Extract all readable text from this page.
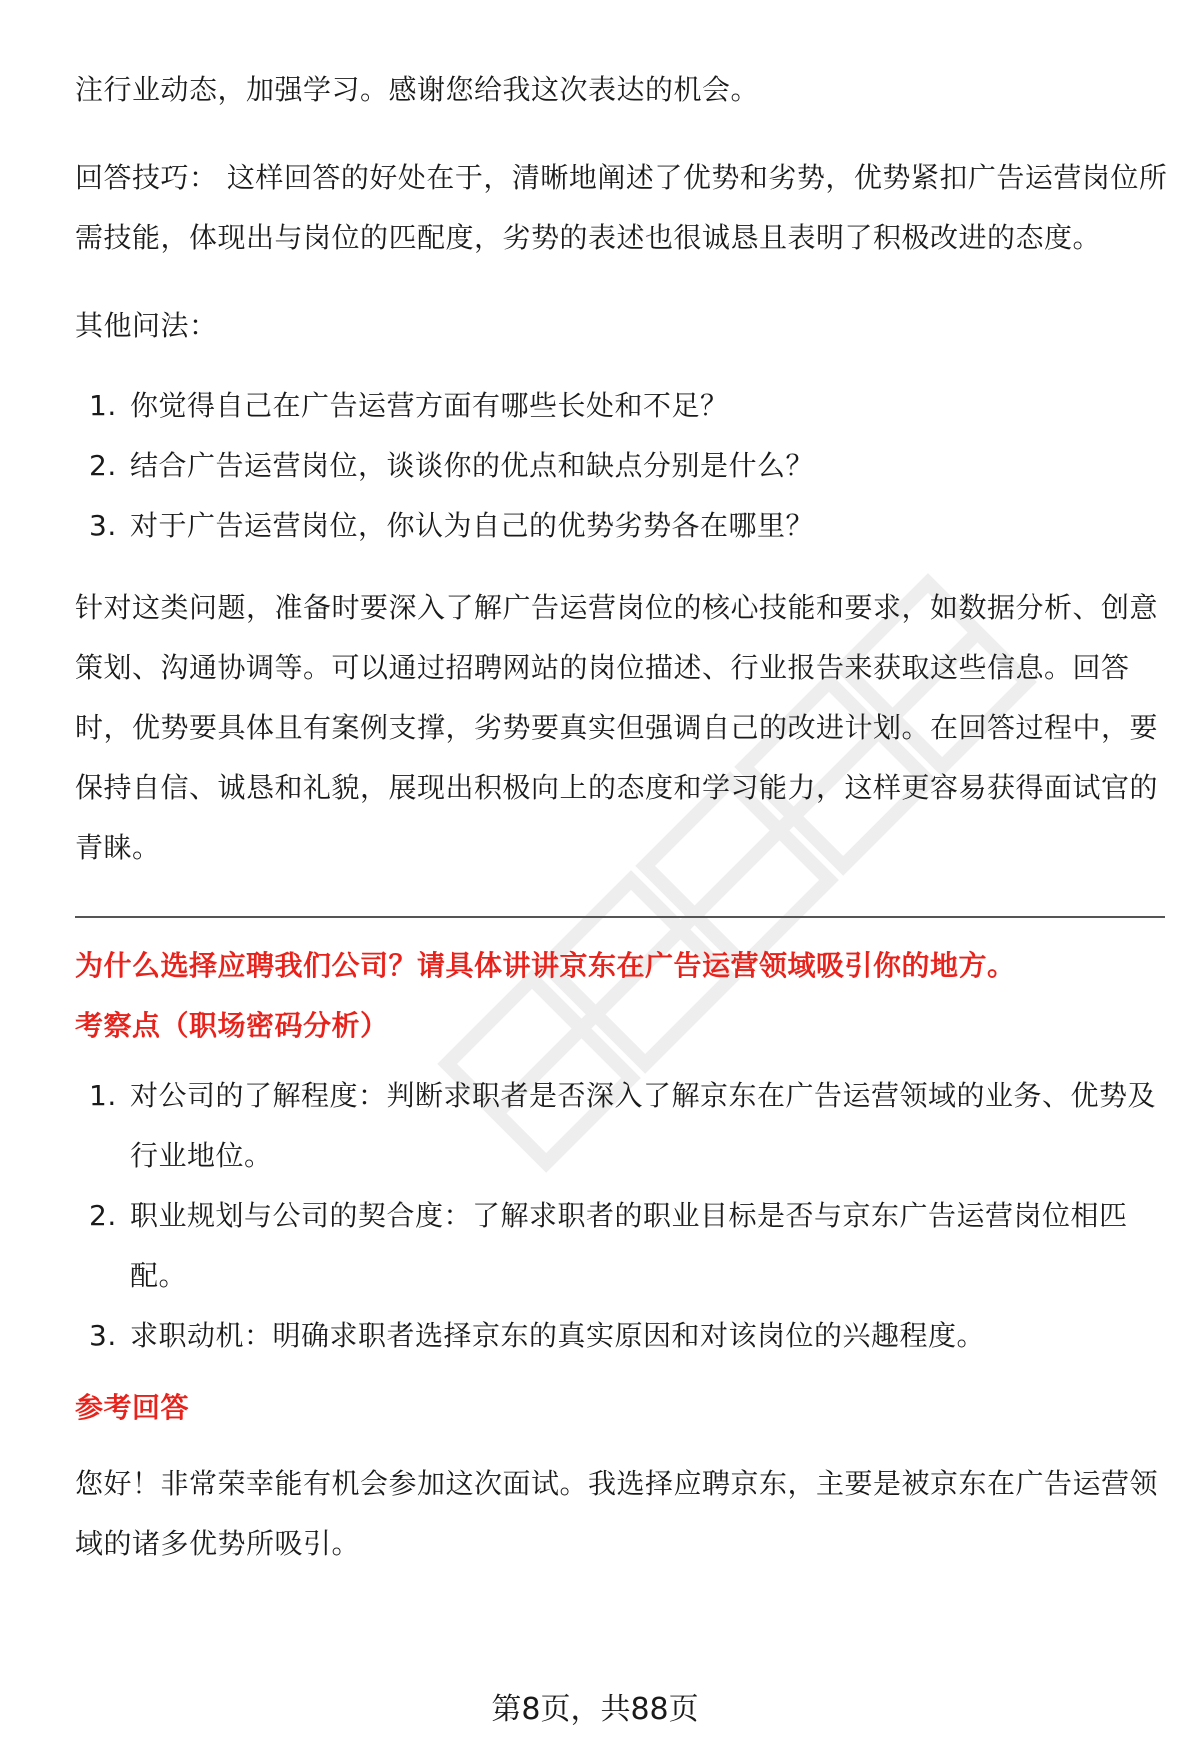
注行业动态，加强学习。感谢您给我这次表达的机会。

回答技巧： 这样回答的好处在于，清晰地阐述了优势和劣势，优势紧扣广告运营岗位所需技能，体现出与岗位的匹配度，劣势的表述也很诚恳且表明了积极改进的态度。

其他问法：

1. 你觉得自己在广告运营方面有哪些长处和不足？
2. 结合广告运营岗位，谈谈你的优点和缺点分别是什么？
3. 对于广告运营岗位，你认为自己的优势劣势各在哪里？

针对这类问题，准备时要深入了解广告运营岗位的核心技能和要求，如数据分析、创意策划、沟通协调等。可以通过招聘网站的岗位描述、行业报告来获取这些信息。回答时，优势要具体且有案例支撑，劣势要真实但强调自己的改进计划。在回答过程中，要保持自信、诚恳和礼貌，展现出积极向上的态度和学习能力，这样更容易获得面试官的青睐。

为什么选择应聘我们公司？请具体讲讲京东在广告运营领域吸引你的地方。

考察点（职场密码分析）

1. 对公司的了解程度：判断求职者是否深入了解京东在广告运营领域的业务、优势及行业地位。
2. 职业规划与公司的契合度：了解求职者的职业目标是否与京东广告运营岗位相匹配。
3. 求职动机：明确求职者选择京东的真实原因和对该岗位的兴趣程度。

参考回答

您好！非常荣幸能有机会参加这次面试。我选择应聘京东，主要是被京东在广告运营领域的诸多优势所吸引。

第8页，共88页
